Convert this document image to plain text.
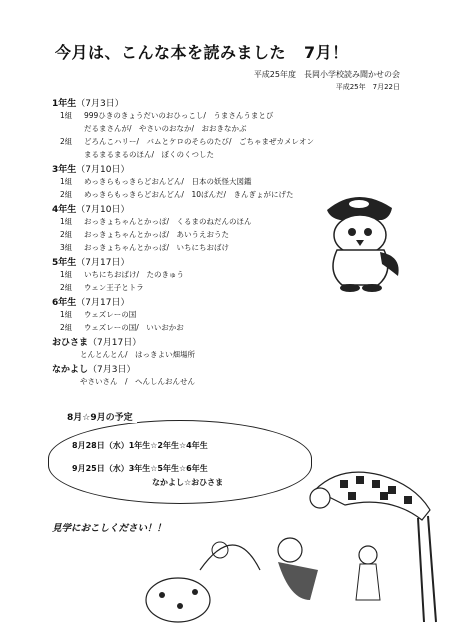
今月は、こんな本を読みました 7月！
平成25年度　長岡小学校読み聞かせの会
平成25年　7月22日
1年生（7月3日）
1組 999ひきのきょうだいのおひっこし/　うまさんうまとび
だるまさんが/　やさいのおなか/　おおきなかぶ
2組 どろんこハリー/　バムとケロのそらのたび/　ごちゃまぜカメレオン
まるまるまるのほん/　ぼくのくつした
3年生（7月10日）
1組 めっきらもっきらどおんどん/　日本の妖怪大図鑑
2組 めっきらもっきらどおんどん/　10ぱんだ/　きんぎょがにげた
4年生（7月10日）
1組 おっきょちゃんとかっぱ/　くるまのねだんのほん
2組 おっきょちゃんとかっぱ/　あいうえおうた
3組 おっきょちゃんとかっぱ/　いちにちおばけ
5年生（7月17日）
1組 いちにちおばけ/　たのきゅう
2組 ウェン王子とトラ
6年生（7月17日）
1組 ウェズレーの国
2組 ウェズレーの国/　いいおかお
おひさま（7月17日）
とんとんとん/　はっきよい畑場所
なかよし（7月3日）
やさいさん　/　へんしんおんせん
8月☆9月の予定
8月28日（水）1年生☆2年生☆4年生
9月25日（水）3年生☆5年生☆6年生
なかよし☆おひさま
見学におこしください！！
